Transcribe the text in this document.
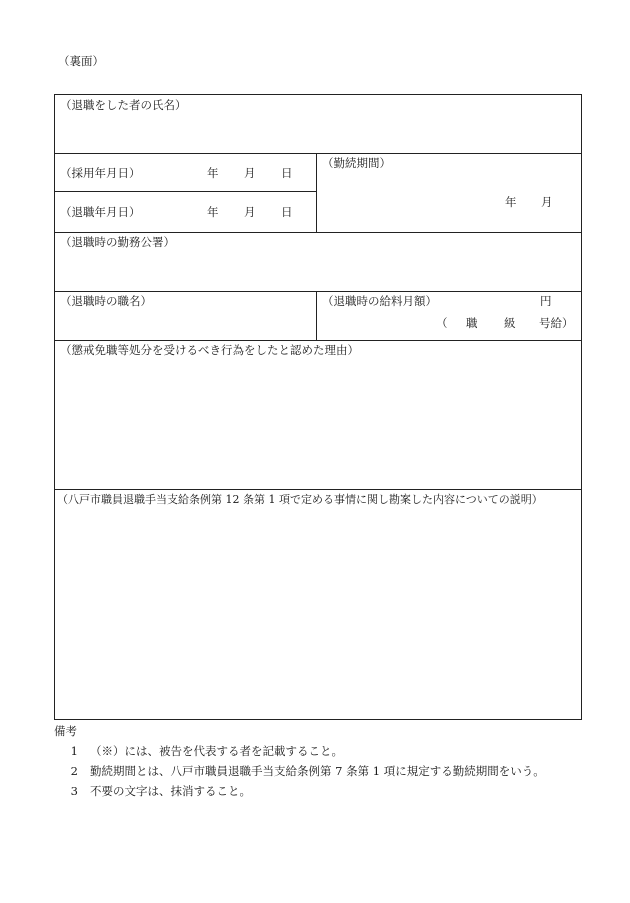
（裏面）
（退職をした者の氏名）
（採用年月日）	年 月 日
（退職年月日）	年 月 日
（勤続期間）
年 月
（退職時の勤務公署）
（退職時の職名）	（退職時の給料月額）	円
（ 職 級 号給）
（懲戒免職等処分を受けるべき行為をしたと認めた理由）
（八戸市職員退職手当支給条例第 12 条第 1 項で定める事情に関し勘案した内容についての説明）
備考
1 （※）には、被告を代表する者を記載すること。
2 勤続期間とは、八戸市職員退職手当支給条例第 7 条第 1 項に規定する勤続期間をいう。
3 不要の文字は、抹消すること。
